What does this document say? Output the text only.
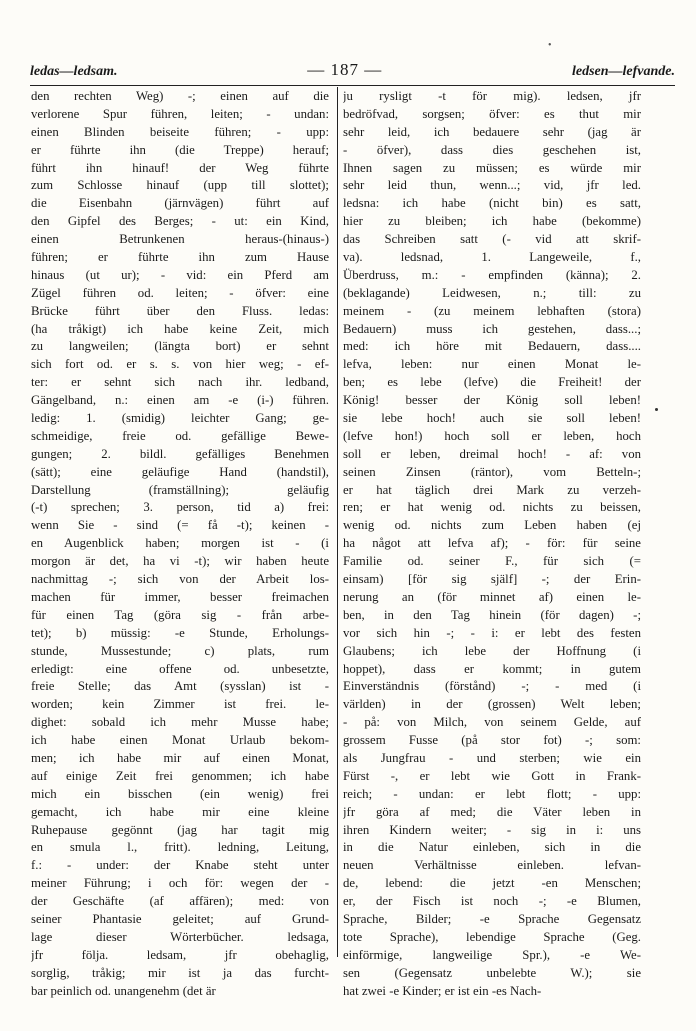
•
ledas—ledsam.	— 187 —	ledsen—lefvande.
den rechten Weg) -; einen auf die
verlorene Spur führen, leiten; - undan:
einen Blinden beiseite führen; - upp:
er führte ihn (die Treppe) herauf;
führt ihn hinauf! der Weg führte
zum Schlosse hinauf (upp till slottet);
die Eisenbahn (järnvägen) führt auf
den Gipfel des Berges; - ut: ein Kind,
einen Betrunkenen heraus-(hinaus-)
führen; er führte ihn zum Hause
hinaus (ut ur); - vid: ein Pferd am
Zügel führen od. leiten; - öfver: eine
Brücke führt über den Fluss. ledas:
(ha tråkigt) ich habe keine Zeit, mich
zu langweilen; (längta bort) er sehnt
sich fort od. er s. s. von hier weg; - ef-
ter: er sehnt sich nach ihr. ledband,
Gängelband, n.: einen am -e (i-) führen.
ledig: 1. (smidig) leichter Gang; ge-
schmeidige, freie od. gefällige Bewe-
gungen; 2. bildl. gefälliges Benehmen
(sätt); eine geläufige Hand (handstil),
Darstellung (framställning); geläufig
(-t) sprechen; 3. person, tid a) frei:
wenn Sie - sind (= få -t); keinen -
en Augenblick haben; morgen ist - (i
morgon är det, ha vi -t); wir haben heute
nachmittag -; sich von der Arbeit los-
machen für immer, besser freimachen
für einen Tag (göra sig - från arbe-
tet); b) müssig: -e Stunde, Erholungs-
stunde, Mussestunde; c) plats, rum
erledigt: eine offene od. unbesetzte,
freie Stelle; das Amt (sysslan) ist -
worden; kein Zimmer ist frei. le-
dighet: sobald ich mehr Musse habe;
ich habe einen Monat Urlaub bekom-
men; ich habe mir auf einen Monat,
auf einige Zeit frei genommen; ich habe
mich ein bisschen (ein wenig) frei
gemacht, ich habe mir eine kleine
Ruhepause gegönnt (jag har tagit mig
en smula l., fritt). ledning, Leitung,
f.: - under: der Knabe steht unter
meiner Führung; i och för: wegen der -
der Geschäfte (af affären); med: von
seiner Phantasie geleitet; auf Grund-
lage dieser Wörterbücher. ledsaga,
jfr följa. ledsam, jfr obehaglig,
sorglig, tråkig; mir ist ja das furcht-
bar peinlich od. unangenehm (det är
ju rysligt -t för mig). ledsen, jfr
bedröfvad, sorgsen; öfver: es thut mir
sehr leid, ich bedauere sehr (jag är
- öfver), dass dies geschehen ist,
Ihnen sagen zu müssen; es würde mir
sehr leid thun, wenn...; vid, jfr led.
ledsna: ich habe (nicht bin) es satt,
hier zu bleiben; ich habe (bekomme)
das Schreiben satt (- vid att skrif-
va). ledsnad, 1. Langeweile, f.,
Überdruss, m.: - empfinden (känna); 2.
(beklagande) Leidwesen, n.; till: zu
meinem - (zu meinem lebhaften (stora)
Bedauern) muss ich gestehen, dass...;
med: ich höre mit Bedauern, dass....
lefva, leben: nur einen Monat le-
ben; es lebe (lefve) die Freiheit! der
König! besser der König soll leben!
sie lebe hoch! auch sie soll leben!
(lefve hon!) hoch soll er leben, hoch
soll er leben, dreimal hoch! - af: von
seinen Zinsen (räntor), vom Betteln-;
er hat täglich drei Mark zu verzeh-
ren; er hat wenig od. nichts zu beissen,
wenig od. nichts zum Leben haben (ej
ha något att lefva af); - för: für seine
Familie od. seiner F., für sich (=
einsam) [för sig själf] -; der Erin-
nerung an (för minnet af) einen le-
ben, in den Tag hinein (för dagen) -;
vor sich hin -; - i: er lebt des festen
Glaubens; ich lebe der Hoffnung (i
hoppet), dass er kommt; in gutem
Einverständnis (förstånd) -; - med (i
världen) in der (grossen) Welt leben;
- på: von Milch, von seinem Gelde, auf
grossem Fusse (på stor fot) -; som:
als Jungfrau - und sterben; wie ein
Fürst -, er lebt wie Gott in Frank-
reich; - undan: er lebt flott; - upp:
jfr göra af med; die Väter leben in
ihren Kindern weiter; - sig in i: uns
in die Natur einleben, sich in die
neuen Verhältnisse einleben. lefvan-
de, lebend: die jetzt -en Menschen;
er, der Fisch ist noch -; -e Blumen,
Sprache, Bilder; -e Sprache Gegensatz
tote Sprache), lebendige Sprache (Geg.
einförmige, langweilige Spr.), -e We-
sen (Gegensatz unbelebte W.); sie
hat zwei -e Kinder; er ist ein -es Nach-
